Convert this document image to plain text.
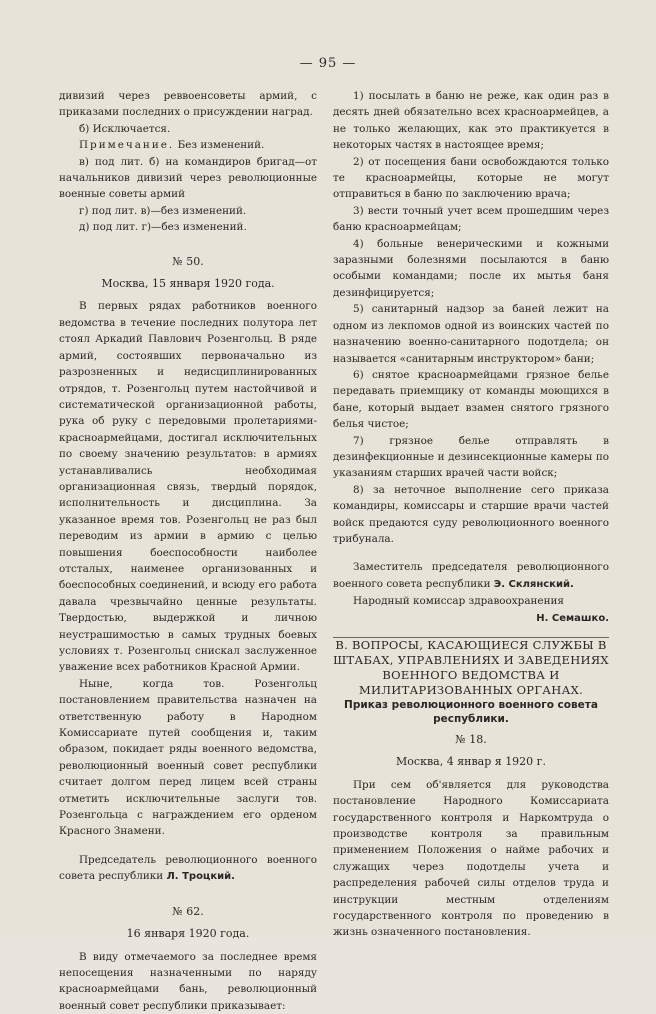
— 95 —

дивизий через реввоенсоветы армий, с приказами последних о присуждении наград.

б) Исключается.

Примечание. Без изменений.

в) под лит. б) на командиров бригад—от начальников дивизий через революционные военные советы армий

г) под лит. в)—без изменений.

д) под лит. г)—без изменений.

№ 50.

Москва, 15 января 1920 года.

В первых рядах работников военного ведомства в течение последних полутора лет стоял Аркадий Павлович Розенгольц. В ряде армий, состоявших первоначально из разрозненных и недисциплинированных отрядов, т. Розенгольц путем настойчивой и систематической организационной работы, рука об руку с передовыми пролетариями-красноармейцами, достигал исключительных по своему значению результатов: в армиях устанавливались необходимая организационная связь, твердый порядок, исполнительность и дисциплина. За указанное время тов. Розенгольц не раз был переводим из армии в армию с целью повышения боеспособности наиболее отсталых, наименее организованных и боеспособных соединений, и всюду его работа давала чрезвычайно ценные результаты. Твердостью, выдержкой и личною неустрашимостью в самых трудных боевых условиях т. Розенгольц снискал заслуженное уважение всех работников Красной Армии.

Ныне, когда тов. Розенгольц постановлением правительства назначен на ответственную работу в Народном Комиссариате путей сообщения и, таким образом, покидает ряды военного ведомства, революционный военный совет республики считает долгом перед лицем всей страны отметить исключительные заслуги тов. Розенгольца с награждением его орденом Красного Знамени.

Председатель революционного военного совета республики Л. Троцкий.

№ 62.

16 января 1920 года.

В виду отмечаемого за последнее время непосещения назначенными по наряду красноармейцами бань, революционный военный совет республики приказывает:

1) посылать в баню не реже, как один раз в десять дней обязательно всех красноармейцев, а не только желающих, как это практикуется в некоторых частях в настоящее время;

2) от посещения бани освобождаются только те красноармейцы, которые не могут отправиться в баню по заключению врача;

3) вести точный учет всем прошедшим через баню красноармейцам;

4) больные венерическими и кожными заразными болезнями посылаются в баню особыми командами; после их мытья баня дезинфицируется;

5) санитарный надзор за баней лежит на одном из лекпомов одной из воинских частей по назначению военно-санитарного подотдела; он называется «санитарным инструктором» бани;

6) снятое красноармейцами грязное белье передавать приемщику от команды моющихся в бане, который выдает взамен снятого грязного белья чистое;

7) грязное белье отправлять в дезинфекционные и дезинсекционные камеры по указаниям старших врачей части войск;

8) за неточное выполнение сего приказа командиры, комиссары и старшие врачи частей войск предаются суду революционного военного трибунала.

Заместитель председателя революционного военного совета республики Э. Склянский.

Народный комиссар здравоохранения

Н. Семашко.

В. ВОПРОСЫ, КАСАЮЩИЕСЯ СЛУЖБЫ В ШТАБАХ, УПРАВЛЕНИЯХ И ЗАВЕДЕНИЯХ ВОЕННОГО ВЕДОМСТВА И МИЛИТАРИЗОВАННЫХ ОРГАНАХ.

Приказ революционного военного совета республики.

№ 18.

Москва, 4 январ я 1920 г.

При сем об'является для руководства постановление Народного Комиссариата государственного контроля и Наркомтруда о производстве контроля за правильным применением Положения о найме рабочих и служащих через подотделы учета и распределения рабочей силы отделов труда и инструкции местным отделениям государственного контроля по проведению в жизнь означенного постановления.
